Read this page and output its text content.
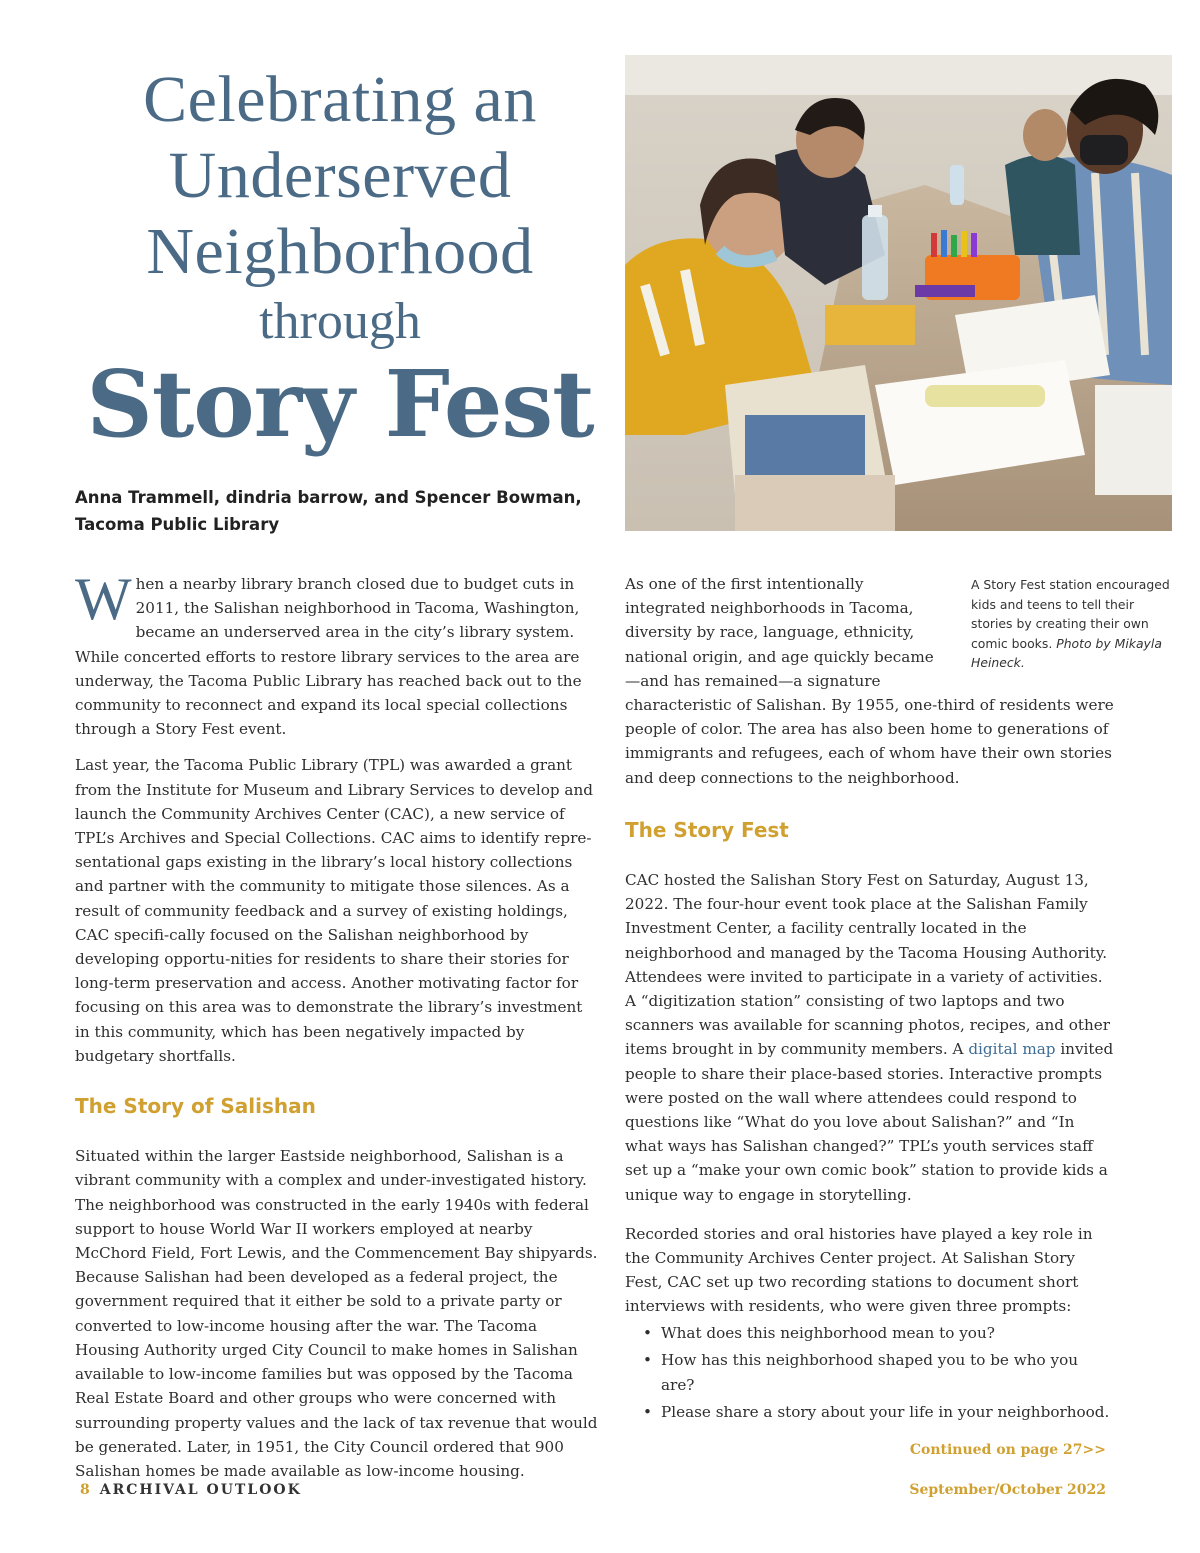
Celebrating an
Underserved
Neighborhood
through
Story Fest
Anna Trammell, dindria barrow, and Spencer Bowman,
Tacoma Public Library

When a nearby library branch closed due to budget cuts in 2011, the Salishan neighborhood in Tacoma, Washington, became an underserved area in the city’s library system. While concerted efforts to restore library services to the area are underway, the Tacoma Public Library has reached back out to the community to reconnect and expand its local special collections through a Story Fest event.

Last year, the Tacoma Public Library (TPL) was awarded a grant from the Institute for Museum and Library Services to develop and launch the Community Archives Center (CAC), a new service of TPL’s Archives and Special Collections. CAC aims to identify repre-sentational gaps existing in the library’s local history collections and partner with the community to mitigate those silences. As a result of community feedback and a survey of existing holdings, CAC specifi-cally focused on the Salishan neighborhood by developing opportu-nities for residents to share their stories for long-term preservation and access. Another motivating factor for focusing on this area was to demonstrate the library’s investment in this community, which has been negatively impacted by budgetary shortfalls.

The Story of Salishan

Situated within the larger Eastside neighborhood, Salishan is a vibrant community with a complex and under-investigated history. The neighborhood was constructed in the early 1940s with federal support to house World War II workers employed at nearby McChord Field, Fort Lewis, and the Commencement Bay shipyards. Because Salishan had been developed as a federal project, the government required that it either be sold to a private party or converted to low-income housing after the war. The Tacoma Housing Authority urged City Council to make homes in Salishan available to low-income families but was opposed by the Tacoma Real Estate Board and other groups who were concerned with surrounding property values and the lack of tax revenue that would be generated. Later, in 1951, the City Council ordered that 900 Salishan homes be made available as low-income housing.

A Story Fest station encouraged kids and teens to tell their stories by creating their own comic books. Photo by Mikayla Heineck.

As one of the first intentionally integrated neighborhoods in Tacoma, diversity by race, language, ethnicity, national origin, and age quickly became—and has remained—a signature characteristic of Salishan. By 1955, one-third of residents were people of color. The area has also been home to generations of immigrants and refugees, each of whom have their own stories and deep connections to the neighborhood.

The Story Fest

CAC hosted the Salishan Story Fest on Saturday, August 13, 2022. The four-hour event took place at the Salishan Family Investment Center, a facility centrally located in the neighborhood and managed by the Tacoma Housing Authority. Attendees were invited to participate in a variety of activities. A “digitization station” consisting of two laptops and two scanners was available for scanning photos, recipes, and other items brought in by community members. A digital map invited people to share their place-based stories. Interactive prompts were posted on the wall where attendees could respond to questions like “What do you love about Salishan?” and “In what ways has Salishan changed?” TPL’s youth services staff set up a “make your own comic book” station to provide kids a unique way to engage in storytelling.

Recorded stories and oral histories have played a key role in the Community Archives Center project. At Salishan Story Fest, CAC set up two recording stations to document short interviews with residents, who were given three prompts:

• What does this neighborhood mean to you?
• How has this neighborhood shaped you to be who you are?
• Please share a story about your life in your neighborhood.
Continued on page 27>>
8 ARCHIVAL OUTLOOK	September/October 2022
